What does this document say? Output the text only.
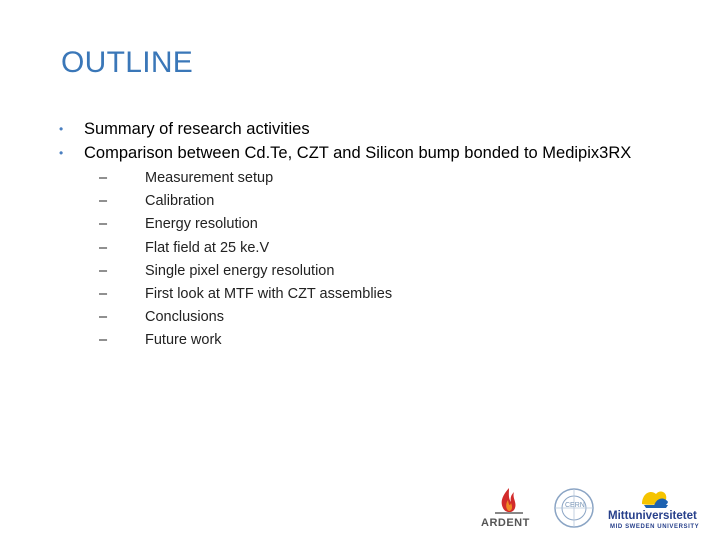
OUTLINE
• Summary of research activities
• Comparison between Cd.Te, CZT and Silicon bump bonded to Medipix3RX
–	Measurement setup
–	Calibration
–	Energy resolution
–	Flat field at 25 ke.V
–	Single pixel energy resolution
–	First look at MTF with CZT assemblies
–	Conclusions
–	Future work
ARDENT
CERN
Mittuniversitetet
MID SWEDEN UNIVERSITY
